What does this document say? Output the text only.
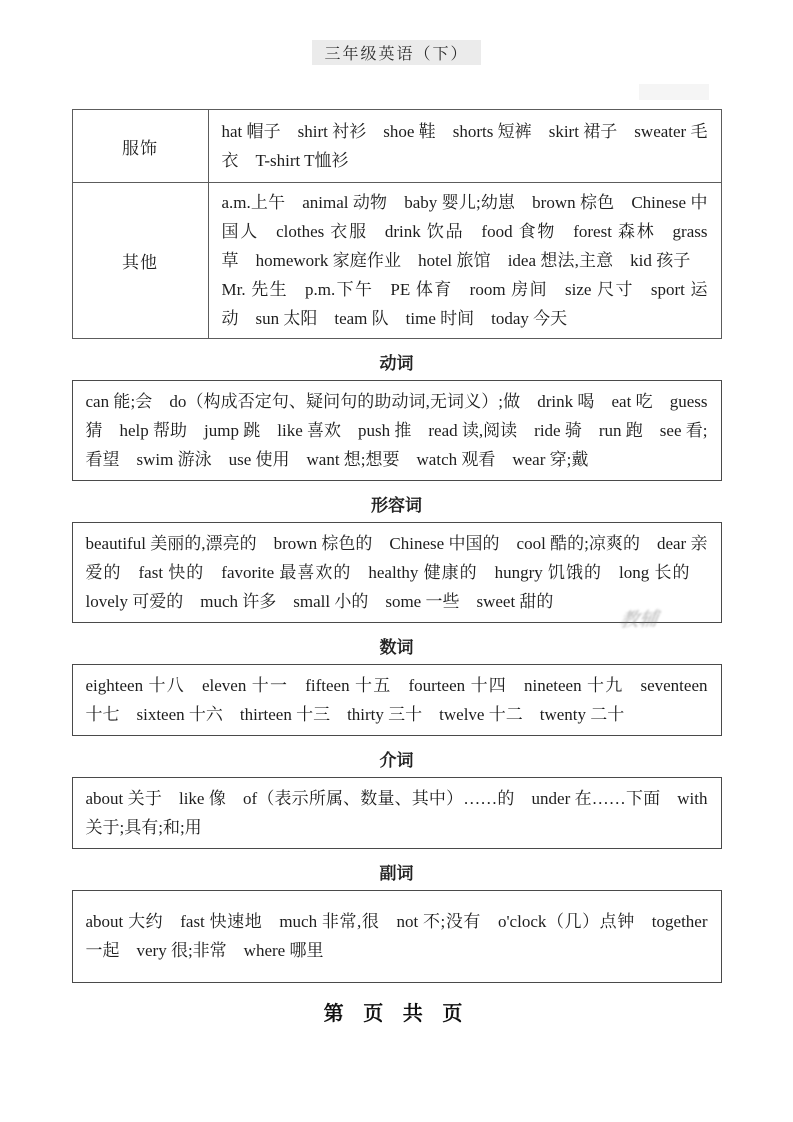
三年级英语（下）
服饰	hat 帽子 shirt 衬衫 shoe 鞋 shorts 短裤 skirt 裙子 sweater 毛衣 T-shirt T恤衫
其他	a.m.上午 animal 动物 baby 婴儿;幼崽 brown 棕色 Chinese 中国人 clothes 衣服 drink 饮品 food 食物 forest 森林 grass 草 homework 家庭作业 hotel 旅馆 idea 想法,主意 kid 孩子 Mr. 先生 p.m.下午 PE 体育 room 房间 size 尺寸 sport 运动 sun 太阳 team 队 time 时间 today 今天
动词
can 能;会 do（构成否定句、疑问句的助动词,无词义）;做 drink 喝 eat 吃 guess 猜 help 帮助 jump 跳 like 喜欢 push 推 read 读,阅读 ride 骑 run 跑 see 看;看望 swim 游泳 use 使用 want 想;想要 watch 观看 wear 穿;戴
形容词
beautiful 美丽的,漂亮的 brown 棕色的 Chinese 中国的 cool 酷的;凉爽的 dear 亲爱的 fast 快的 favorite 最喜欢的 healthy 健康的 hungry 饥饿的 long 长的 lovely 可爱的 much 许多 small 小的 some 一些 sweet 甜的
数词
eighteen 十八 eleven 十一 fifteen 十五 fourteen 十四 nineteen 十九 seventeen 十七 sixteen 十六 thirteen 十三 thirty 三十 twelve 十二 twenty 二十
介词
about 关于 like 像 of（表示所属、数量、其中）……的 under 在……下面 with 关于;具有;和;用
副词
about 大约 fast 快速地 much 非常,很 not 不;没有 o'clock（几）点钟 together 一起 very 很;非常 where 哪里
教辅
第 页 共 页
